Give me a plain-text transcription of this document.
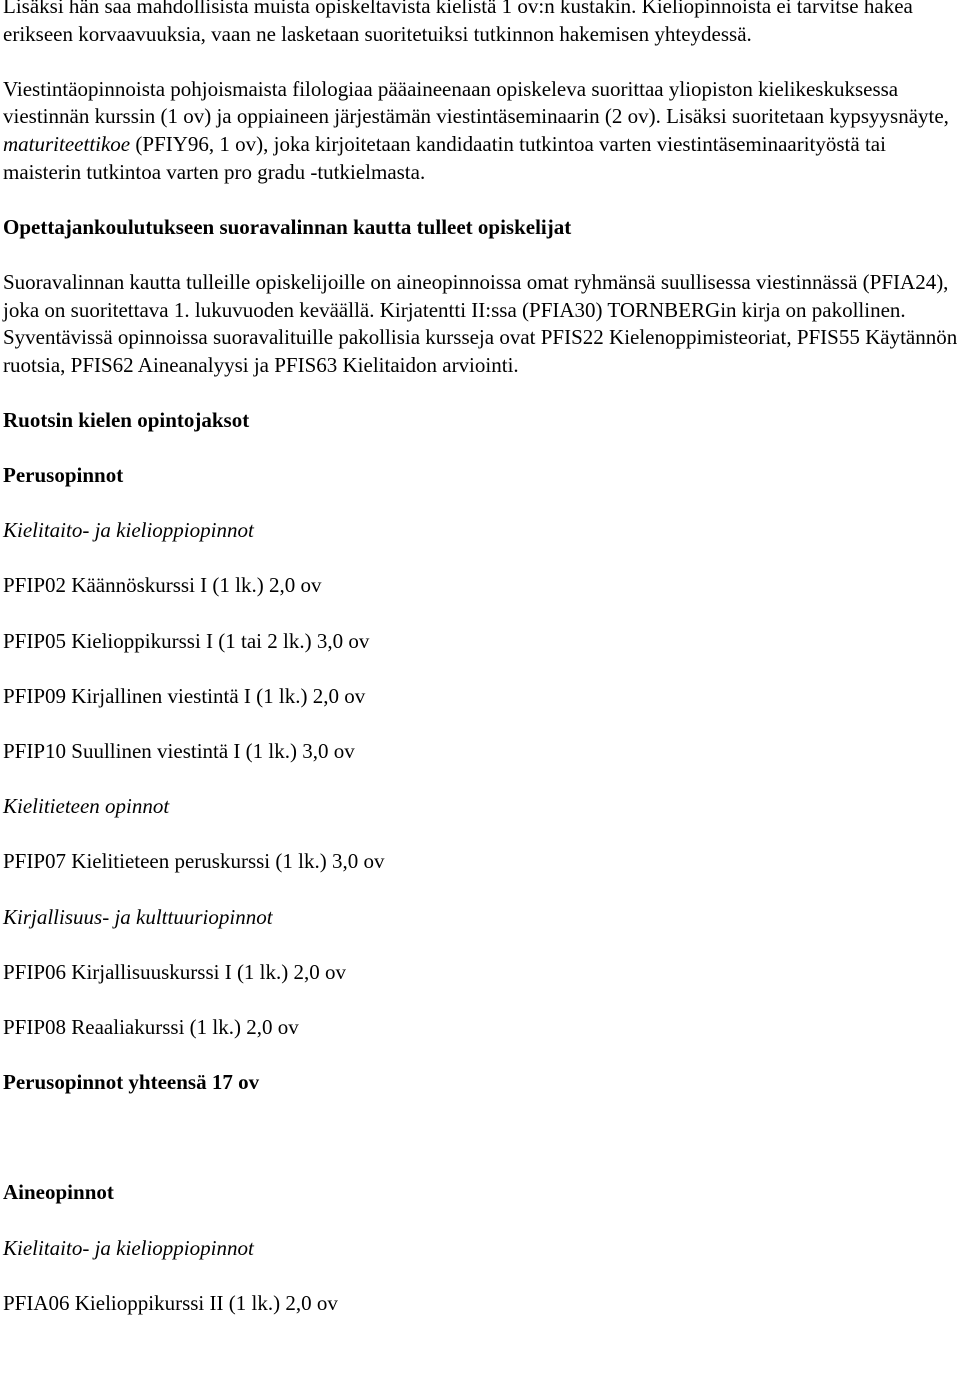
Lisäksi hän saa mahdollisista muista opiskeltavista kielistä 1 ov:n kustakin. Kieliopinnoista ei tarvitse hakea erikseen korvaavuuksia, vaan ne lasketaan suoritetuiksi tutkinnon hakemisen yhteydessä.

Viestintäopinnoista pohjoismaista filologiaa pääaineenaan opiskeleva suorittaa yliopiston kielikeskuksessa viestinnän kurssin (1 ov) ja oppiaineen järjestämän viestintäseminaarin (2 ov). Lisäksi suoritetaan kypsyysnäyte, maturiteettikoe (PFIY96, 1 ov), joka kirjoitetaan kandidaatin tutkintoa varten viestintäseminaarityöstä tai maisterin tutkintoa varten pro gradu -tutkielmasta.

Opettajankoulutukseen suoravalinnan kautta tulleet opiskelijat

Suoravalinnan kautta tulleille opiskelijoille on aineopinnoissa omat ryhmänsä suullisessa viestinnässä (PFIA24), joka on suoritettava 1. lukuvuoden keväällä. Kirjatentti II:ssa (PFIA30) TORNBERGin kirja on pakollinen. Syventävissä opinnoissa suoravalituille pakollisia kursseja ovat PFIS22 Kielenoppimisteoriat, PFIS55 Käytännön ruotsia, PFIS62 Aineanalyysi ja PFIS63 Kielitaidon arviointi.

Ruotsin kielen opintojaksot

Perusopinnot

Kielitaito- ja kielioppiopinnot

PFIP02 Käännöskurssi I (1 lk.) 2,0 ov

PFIP05 Kielioppikurssi I (1 tai 2 lk.) 3,0 ov

PFIP09 Kirjallinen viestintä I (1 lk.) 2,0 ov

PFIP10 Suullinen viestintä I (1 lk.) 3,0 ov

Kielitieteen opinnot

PFIP07 Kielitieteen peruskurssi (1 lk.) 3,0 ov

Kirjallisuus- ja kulttuuriopinnot

PFIP06 Kirjallisuuskurssi I (1 lk.) 2,0 ov

PFIP08 Reaaliakurssi (1 lk.) 2,0 ov

Perusopinnot yhteensä 17 ov

Aineopinnot

Kielitaito- ja kielioppiopinnot

PFIA06 Kielioppikurssi II (1 lk.) 2,0 ov
